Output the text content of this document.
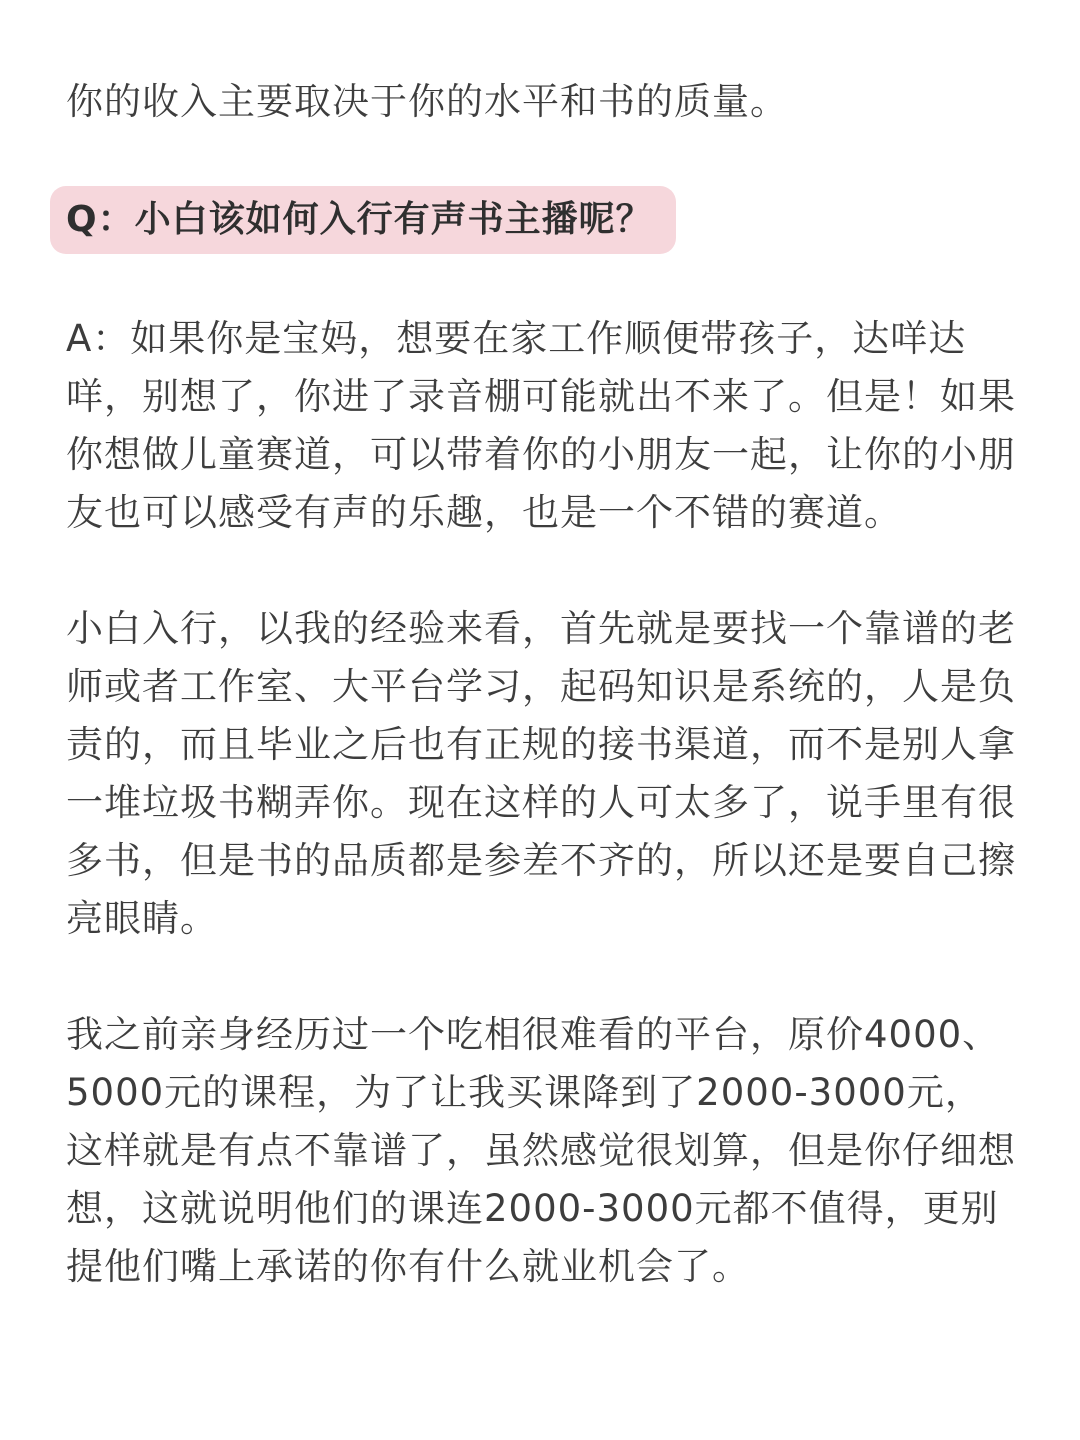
你的收入主要取决于你的水平和书的质量。

Q：小白该如何入行有声书主播呢？

A：如果你是宝妈，想要在家工作顺便带孩子，达咩达咩，别想了，你进了录音棚可能就出不来了。但是！如果你想做儿童赛道，可以带着你的小朋友一起，让你的小朋友也可以感受有声的乐趣，也是一个不错的赛道。

小白入行，以我的经验来看，首先就是要找一个靠谱的老师或者工作室、大平台学习，起码知识是系统的，人是负责的，而且毕业之后也有正规的接书渠道，而不是别人拿一堆垃圾书糊弄你。现在这样的人可太多了，说手里有很多书，但是书的品质都是参差不齐的，所以还是要自己擦亮眼睛。

我之前亲身经历过一个吃相很难看的平台，原价4000、5000元的课程，为了让我买课降到了2000-3000元，这样就是有点不靠谱了，虽然感觉很划算，但是你仔细想想，这就说明他们的课连2000-3000元都不值得，更别提他们嘴上承诺的你有什么就业机会了。
